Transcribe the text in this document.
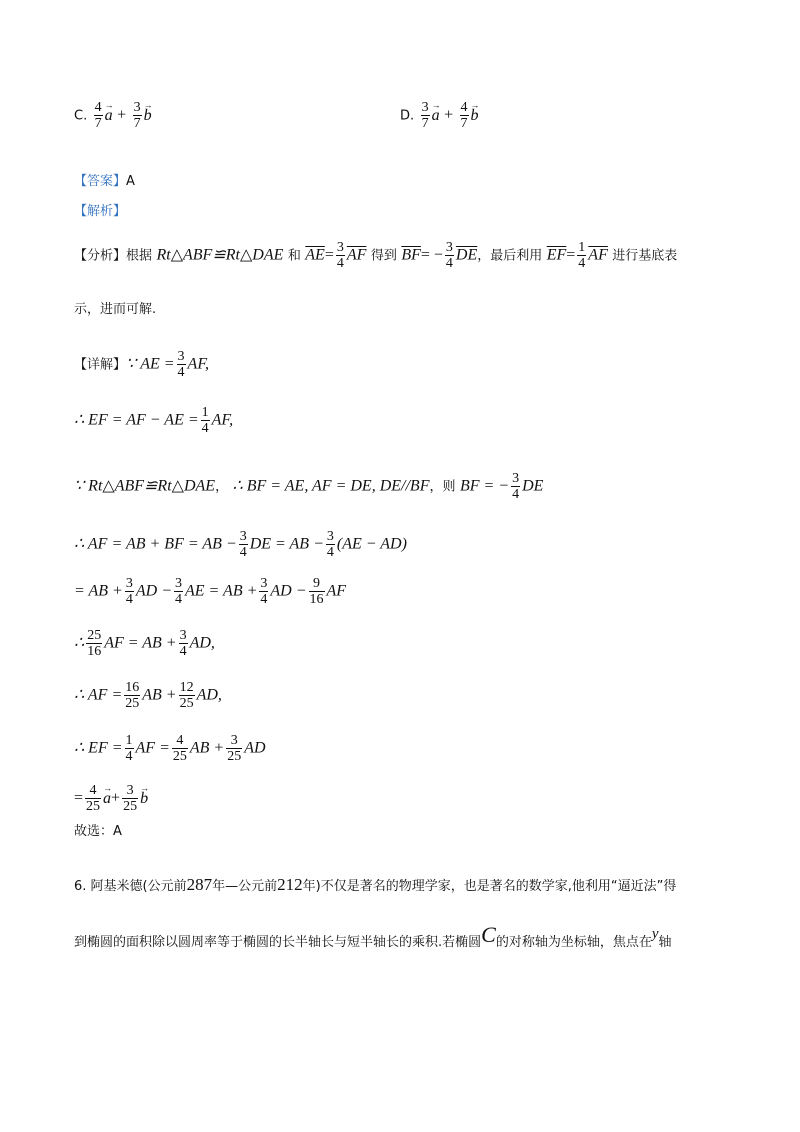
C. $\frac{4}{7} \to a + \frac{3}{7} \to b$	D. $\frac{3}{7} \to a + \frac{4}{7} \to b$
【答案】A
【解析】
【分析】根据 Rt△ABF≌Rt△DAE 和 $\overline{AE}= \frac{3}{4} \overline{AF}$ 得到 $\overline{BF}= - \frac{3}{4} \overline{DE}$，最后利用 $\overline{EF}= \frac{1}{4} \overline{AF}$ 进行基底表
示，进而可解.
【详解】∵ AE = $\frac{3}{4}$ AF,
∴ EF = AF − AE = $\frac{1}{4}$ AF,
∵ Rt△ABF≌Rt△DAE， ∴ BF = AE, AF = DE, DE//BF，则 BF = − $\frac{3}{4}$ DE
∴ AF = AB + BF = AB − $\frac{3}{4}$ DE = AB − $\frac{3}{4} (AE - AD)$
= AB + $\frac{3}{4}$ AD − $\frac{3}{4}$ AE = AB + $\frac{3}{4}$ AD − $\frac{9}{16}$ AF
∴ $\frac{25}{16}$ AF = AB + $\frac{3}{4}$ AD,
∴ AF = $\frac{16}{25}$ AB + $\frac{12}{25}$ AD,
∴ EF = $\frac{1}{4}$ AF = $\frac{4}{25}$ AB + $\frac{3}{25}$ AD
= $\frac{4}{25} \to a+ \frac{3}{25} \to b$
故选：A
6. 阿基米德(公元前287年—公元前212年)不仅是著名的物理学家，也是著名的数学家,他利用“逼近法”得
到椭圆的面积除以圆周率等于椭圆的长半轴长与短半轴长的乘积.若椭圆C的对称轴为坐标轴，焦点在y轴
